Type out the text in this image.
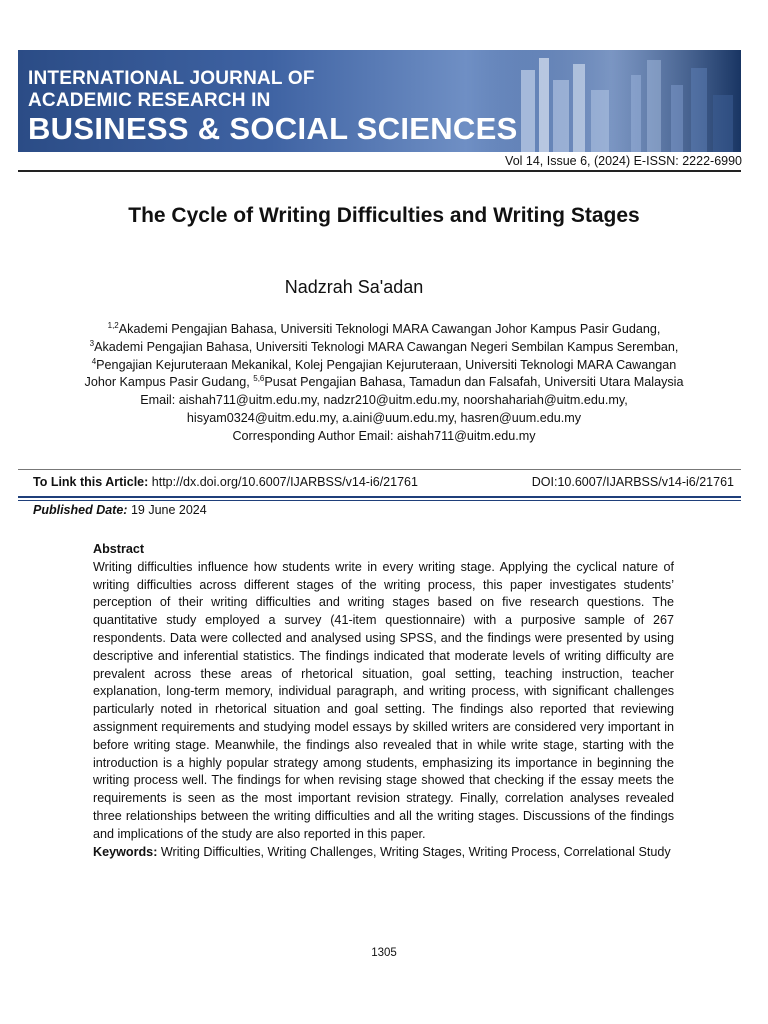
INTERNATIONAL JOURNAL OF
ACADEMIC RESEARCH IN
BUSINESS & SOCIAL SCIENCES
Vol 14, Issue 6, (2024) E-ISSN: 2222-6990
The Cycle of Writing Difficulties and Writing Stages
Nadzrah Sa'adan
$^{1,2}$Akademi Pengajian Bahasa, Universiti Teknologi MARA Cawangan Johor Kampus Pasir Gudang, $^3$Akademi Pengajian Bahasa, Universiti Teknologi MARA Cawangan Negeri Sembilan Kampus Seremban, $^4$Pengajian Kejuruteraan Mekanikal, Kolej Pengajian Kejuruteraan, Universiti Teknologi MARA Cawangan Johor Kampus Pasir Gudang, $^{5,6}$Pusat Pengajian Bahasa, Tamadun dan Falsafah, Universiti Utara Malaysia
Email: aishah711@uitm.edu.my, nadzr210@uitm.edu.my, noorshahariah@uitm.edu.my,
hisyam0324@uitm.edu.my, a.aini@uum.edu.my, hasren@uum.edu.my
Corresponding Author Email: aishah711@uitm.edu.my
To Link this Article: http://dx.doi.org/10.6007/IJARBSS/v14-i6/21761	DOI:10.6007/IJARBSS/v14-i6/21761
Published Date: 19 June 2024
Abstract
Writing difficulties influence how students write in every writing stage. Applying the cyclical nature of writing difficulties across different stages of the writing process, this paper investigates students’ perception of their writing difficulties and writing stages based on five research questions. The quantitative study employed a survey (41-item questionnaire) with a purposive sample of 267 respondents. Data were collected and analysed using SPSS, and the findings were presented by using descriptive and inferential statistics. The findings indicated that moderate levels of writing difficulty are prevalent across these areas of rhetorical situation, goal setting, teaching instruction, teacher explanation, long-term memory, individual paragraph, and writing process, with significant challenges particularly noted in rhetorical situation and goal setting. The findings also reported that reviewing assignment requirements and studying model essays by skilled writers are considered very important in before writing stage. Meanwhile, the findings also revealed that in while write stage, starting with the introduction is a highly popular strategy among students, emphasizing its importance in beginning the writing process well. The findings for when revising stage showed that checking if the essay meets the requirements is seen as the most important revision strategy. Finally, correlation analyses revealed three relationships between the writing difficulties and all the writing stages. Discussions of the findings and implications of the study are also reported in this paper.
Keywords: Writing Difficulties, Writing Challenges, Writing Stages, Writing Process, Correlational Study
1305
